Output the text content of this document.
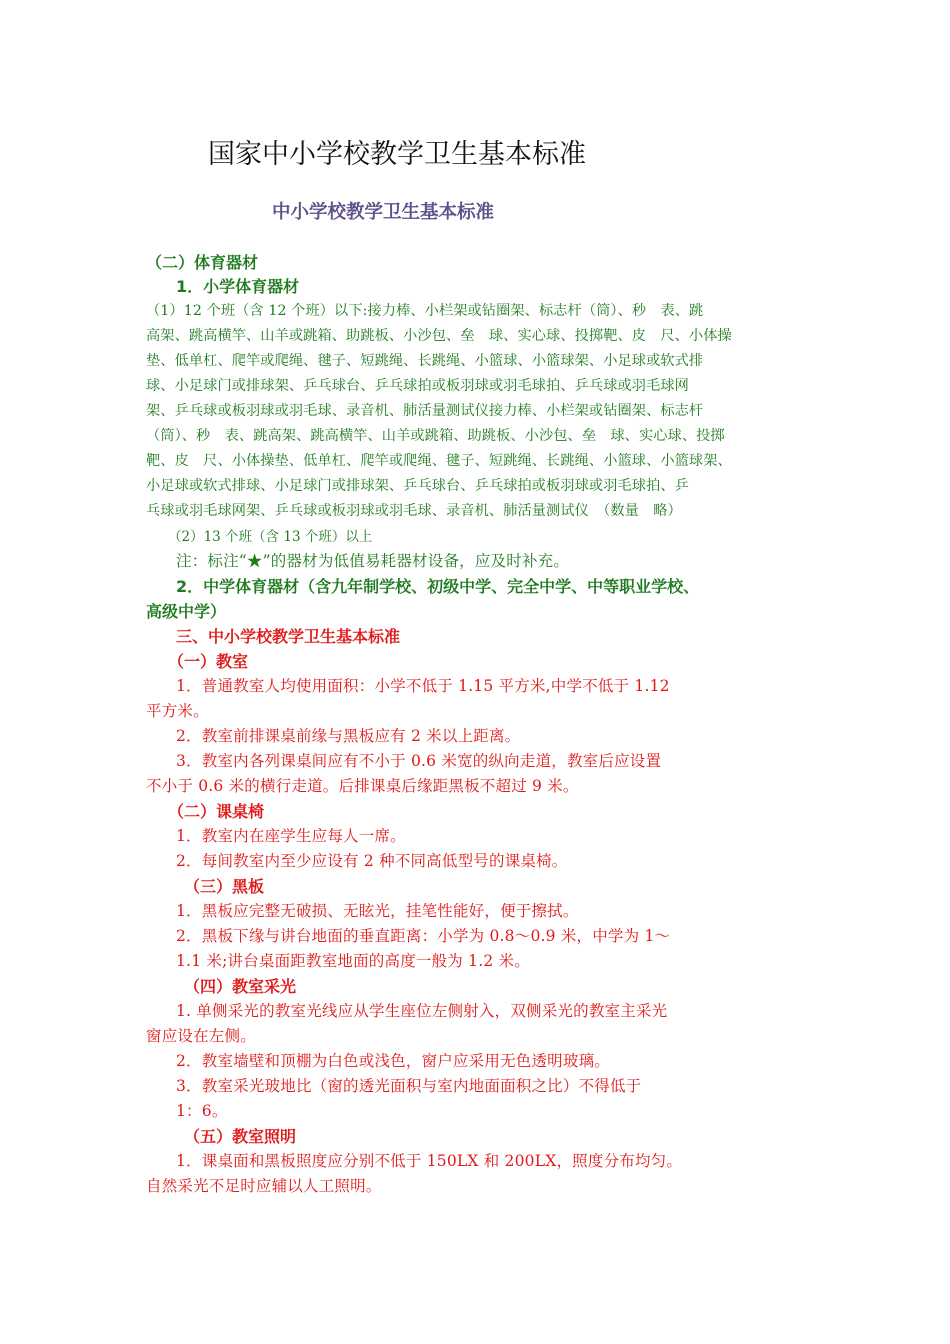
国家中小学校教学卫生基本标准
中小学校教学卫生基本标准
（二）体育器材
1．小学体育器材
（1）12 个班（含 12 个班）以下:接力棒、小栏架或钻圈架、标志杆（筒）、秒　表、跳
高架、跳高横竿、山羊或跳箱、助跳板、小沙包、垒　球、实心球、投掷靶、皮　尺、小体操
垫、低单杠、爬竿或爬绳、毽子、短跳绳、长跳绳、小篮球、小篮球架、小足球或软式排
球、小足球门或排球架、乒乓球台、乒乓球拍或板羽球或羽毛球拍、乒乓球或羽毛球网
架、乒乓球或板羽球或羽毛球、录音机、肺活量测试仪接力棒、小栏架或钻圈架、标志杆
（筒）、秒　表、跳高架、跳高横竿、山羊或跳箱、助跳板、小沙包、垒　球、实心球、投掷
靶、皮　尺、小体操垫、低单杠、爬竿或爬绳、毽子、短跳绳、长跳绳、小篮球、小篮球架、
小足球或软式排球、小足球门或排球架、乒乓球台、乒乓球拍或板羽球或羽毛球拍、乒
乓球或羽毛球网架、乒乓球或板羽球或羽毛球、录音机、肺活量测试仪　（数量　略）
（2）13 个班（含 13 个班）以上
注：标注“★”的器材为低值易耗器材设备，应及时补充。
2．中学体育器材（含九年制学校、初级中学、完全中学、中等职业学校、
高级中学）
三、中小学校教学卫生基本标准
（一）教室
1．普通教室人均使用面积：小学不低于 1.15 平方米,中学不低于 1.12
平方米。
2．教室前排课桌前缘与黑板应有 2 米以上距离。
3．教室内各列课桌间应有不小于 0.6 米宽的纵向走道，教室后应设置
不小于 0.6 米的横行走道。后排课桌后缘距黑板不超过 9 米。
（二）课桌椅
1．教室内在座学生应每人一席。
2．每间教室内至少应设有 2 种不同高低型号的课桌椅。
（三）黑板
1．黑板应完整无破损、无眩光，挂笔性能好，便于擦拭。
2．黑板下缘与讲台地面的垂直距离：小学为 0.8～0.9 米，中学为 1～
1.1 米;讲台桌面距教室地面的高度一般为 1.2 米。
（四）教室采光
1. 单侧采光的教室光线应从学生座位左侧射入，双侧采光的教室主采光
窗应设在左侧。
2．教室墙壁和顶棚为白色或浅色，窗户应采用无色透明玻璃。
3．教室采光玻地比（窗的透光面积与室内地面面积之比）不得低于
1：6。
（五）教室照明
1．课桌面和黑板照度应分别不低于 150LX 和 200LX，照度分布均匀。
自然采光不足时应辅以人工照明。
